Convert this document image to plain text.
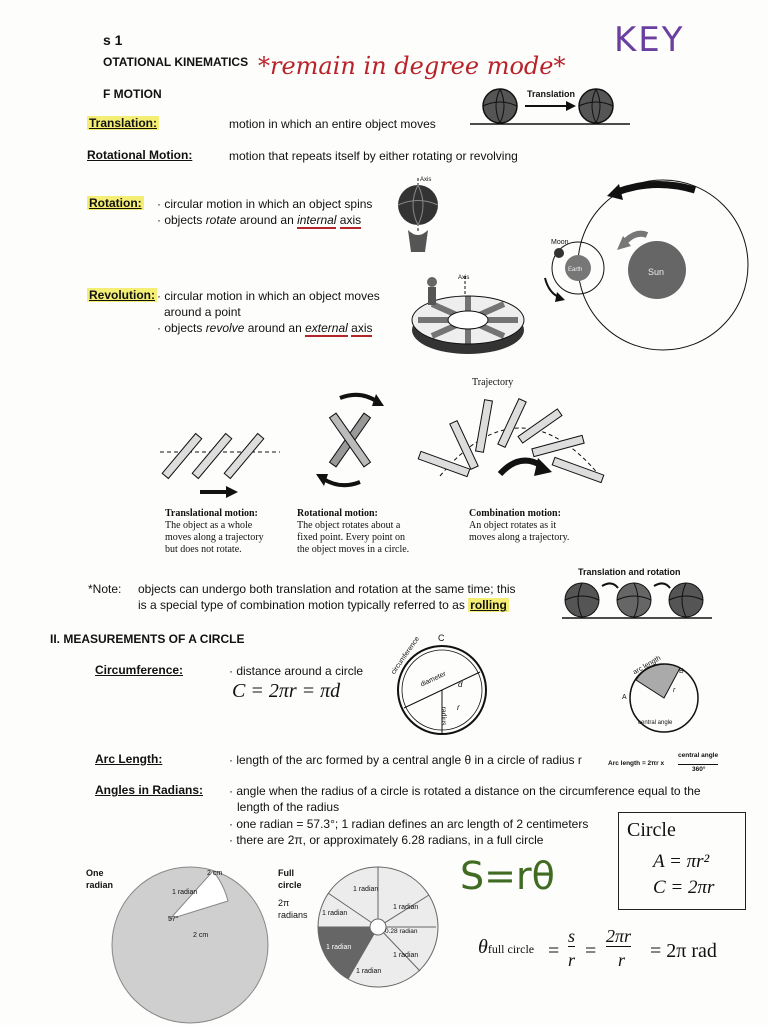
s 1
OTATIONAL KINEMATICS *remain in degree mode*
KEY
F MOTION
Translation:	motion in which an entire object moves
Translation
Rotational Motion:	motion that repeats itself by either rotating or revolving
Rotation: · circular motion in which an object spins
· objects rotate around an internal axis
Axis
Revolution: · circular motion in which an object moves
around a point
· objects revolve around an external axis
Axis
Moon
Earth	Sun
Trajectory
Translational motion:
The object as a whole
moves along a trajectory
but does not rotate.
Rotational motion:
The object rotates about a
fixed point. Every point on
the object moves in a circle.
Combination motion:
An object rotates as it
moves along a trajectory.
*Note: objects can undergo both translation and rotation at the same time; this
is a special type of combination motion typically referred to as rolling
Translation and rotation
II. MEASUREMENTS OF A CIRCLE
Circumference:	· distance around a circle
C = 2πr = πd
circumference	C
diameter d
radius	r
arc length	B
A
r
central angle
Arc Length:	· length of the arc formed by a central angle θ in a circle of radius r	Arc length = 2πr x
central angle
360°
Angles in Radians: · angle when the radius of a circle is rotated a distance on the circumference equal to the
length of the radius
· one radian = 57.3°; 1 radian defines an arc length of 2 centimeters
· there are 2π, or approximately 6.28 radians, in a full circle	Circle
A = πr²
C = 2πr
S=rθ
θfull circle =
s
r =
2πr
r = 2π rad
One
radian
2 cm
1 radian
57°
2 cm
Full
circle
2π
radians
1 radian
1 radian
1 radian
0.28 radian
1 radian
1 radian
1 radian
